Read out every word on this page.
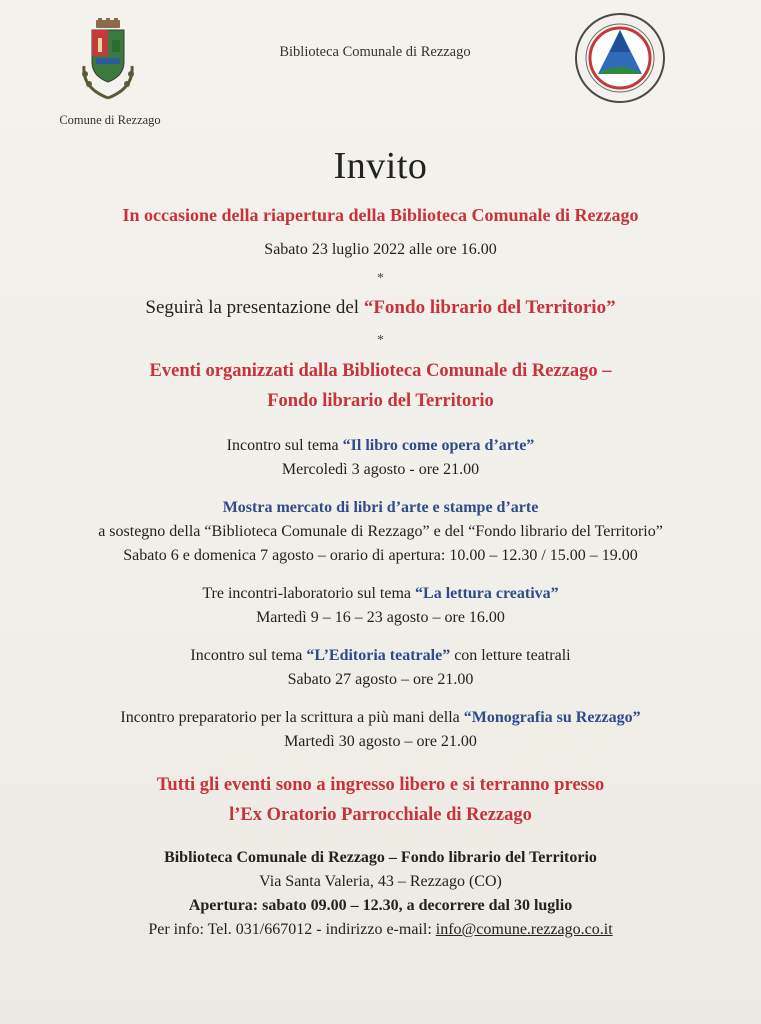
Comune di Rezzago
Biblioteca Comunale di Rezzago
Invito

In occasione della riapertura della Biblioteca Comunale di Rezzago

Sabato 23 luglio 2022 alle ore 16.00

*

Seguirà la presentazione del “Fondo librario del Territorio”

*

Eventi organizzati dalla Biblioteca Comunale di Rezzago –

Fondo librario del Territorio

Incontro sul tema “Il libro come opera d’arte”

Mercoledì 3 agosto - ore 21.00

Mostra mercato di libri d’arte e stampe d’arte

a sostegno della “Biblioteca Comunale di Rezzago” e del “Fondo librario del Territorio”

Sabato 6 e domenica 7 agosto – orario di apertura: 10.00 – 12.30 / 15.00 – 19.00

Tre incontri-laboratorio sul tema “La lettura creativa”

Martedì 9 – 16 – 23 agosto – ore 16.00

Incontro sul tema “L’Editoria teatrale” con letture teatrali

Sabato 27 agosto – ore 21.00

Incontro preparatorio per la scrittura a più mani della “Monografia su Rezzago”

Martedì 30 agosto – ore 21.00

Tutti gli eventi sono a ingresso libero e si terranno presso

l’Ex Oratorio Parrocchiale di Rezzago

Biblioteca Comunale di Rezzago – Fondo librario del Territorio

Via Santa Valeria, 43 – Rezzago (CO)

Apertura: sabato 09.00 – 12.30, a decorrere dal 30 luglio

Per info: Tel. 031/667012 - indirizzo e-mail: info@comune.rezzago.co.it
